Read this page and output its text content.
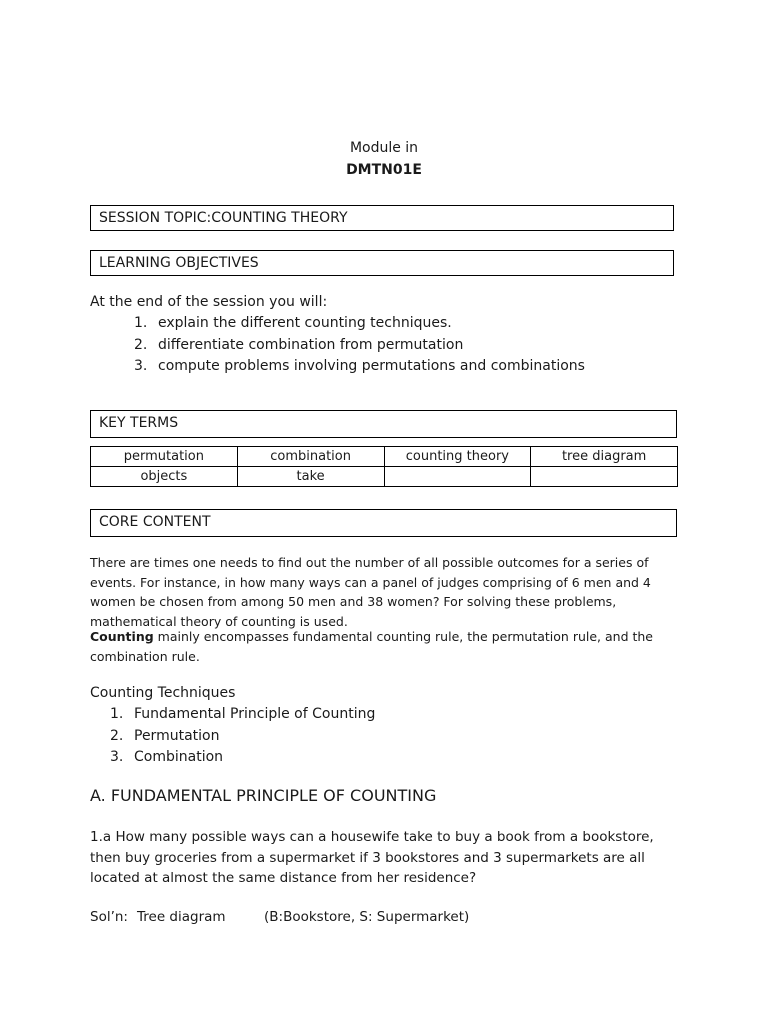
Module in
DMTN01E
SESSION TOPIC:COUNTING THEORY
LEARNING OBJECTIVES
At the end of the session you will:
1. explain the different counting techniques.
2. differentiate combination from permutation
3. compute problems involving permutations and combinations
KEY TERMS
permutation	combination	counting theory	tree diagram
objects	take		
CORE CONTENT
There are times one needs to find out the number of all possible outcomes for a series of events. For instance, in how many ways can a panel of judges comprising of 6 men and 4 women be chosen from among 50 men and 38 women? For solving these problems, mathematical theory of counting is used.
Counting mainly encompasses fundamental counting rule, the permutation rule, and the combination rule.
Counting Techniques
1. Fundamental Principle of Counting
2. Permutation
3. Combination
A. FUNDAMENTAL PRINCIPLE OF COUNTING
1.a How many possible ways can a housewife take to buy a book from a bookstore, then buy groceries from a supermarket if 3 bookstores and 3 supermarkets are all located at almost the same distance from her residence?
Sol’n: Tree diagram	(B:Bookstore, S: Supermarket)
